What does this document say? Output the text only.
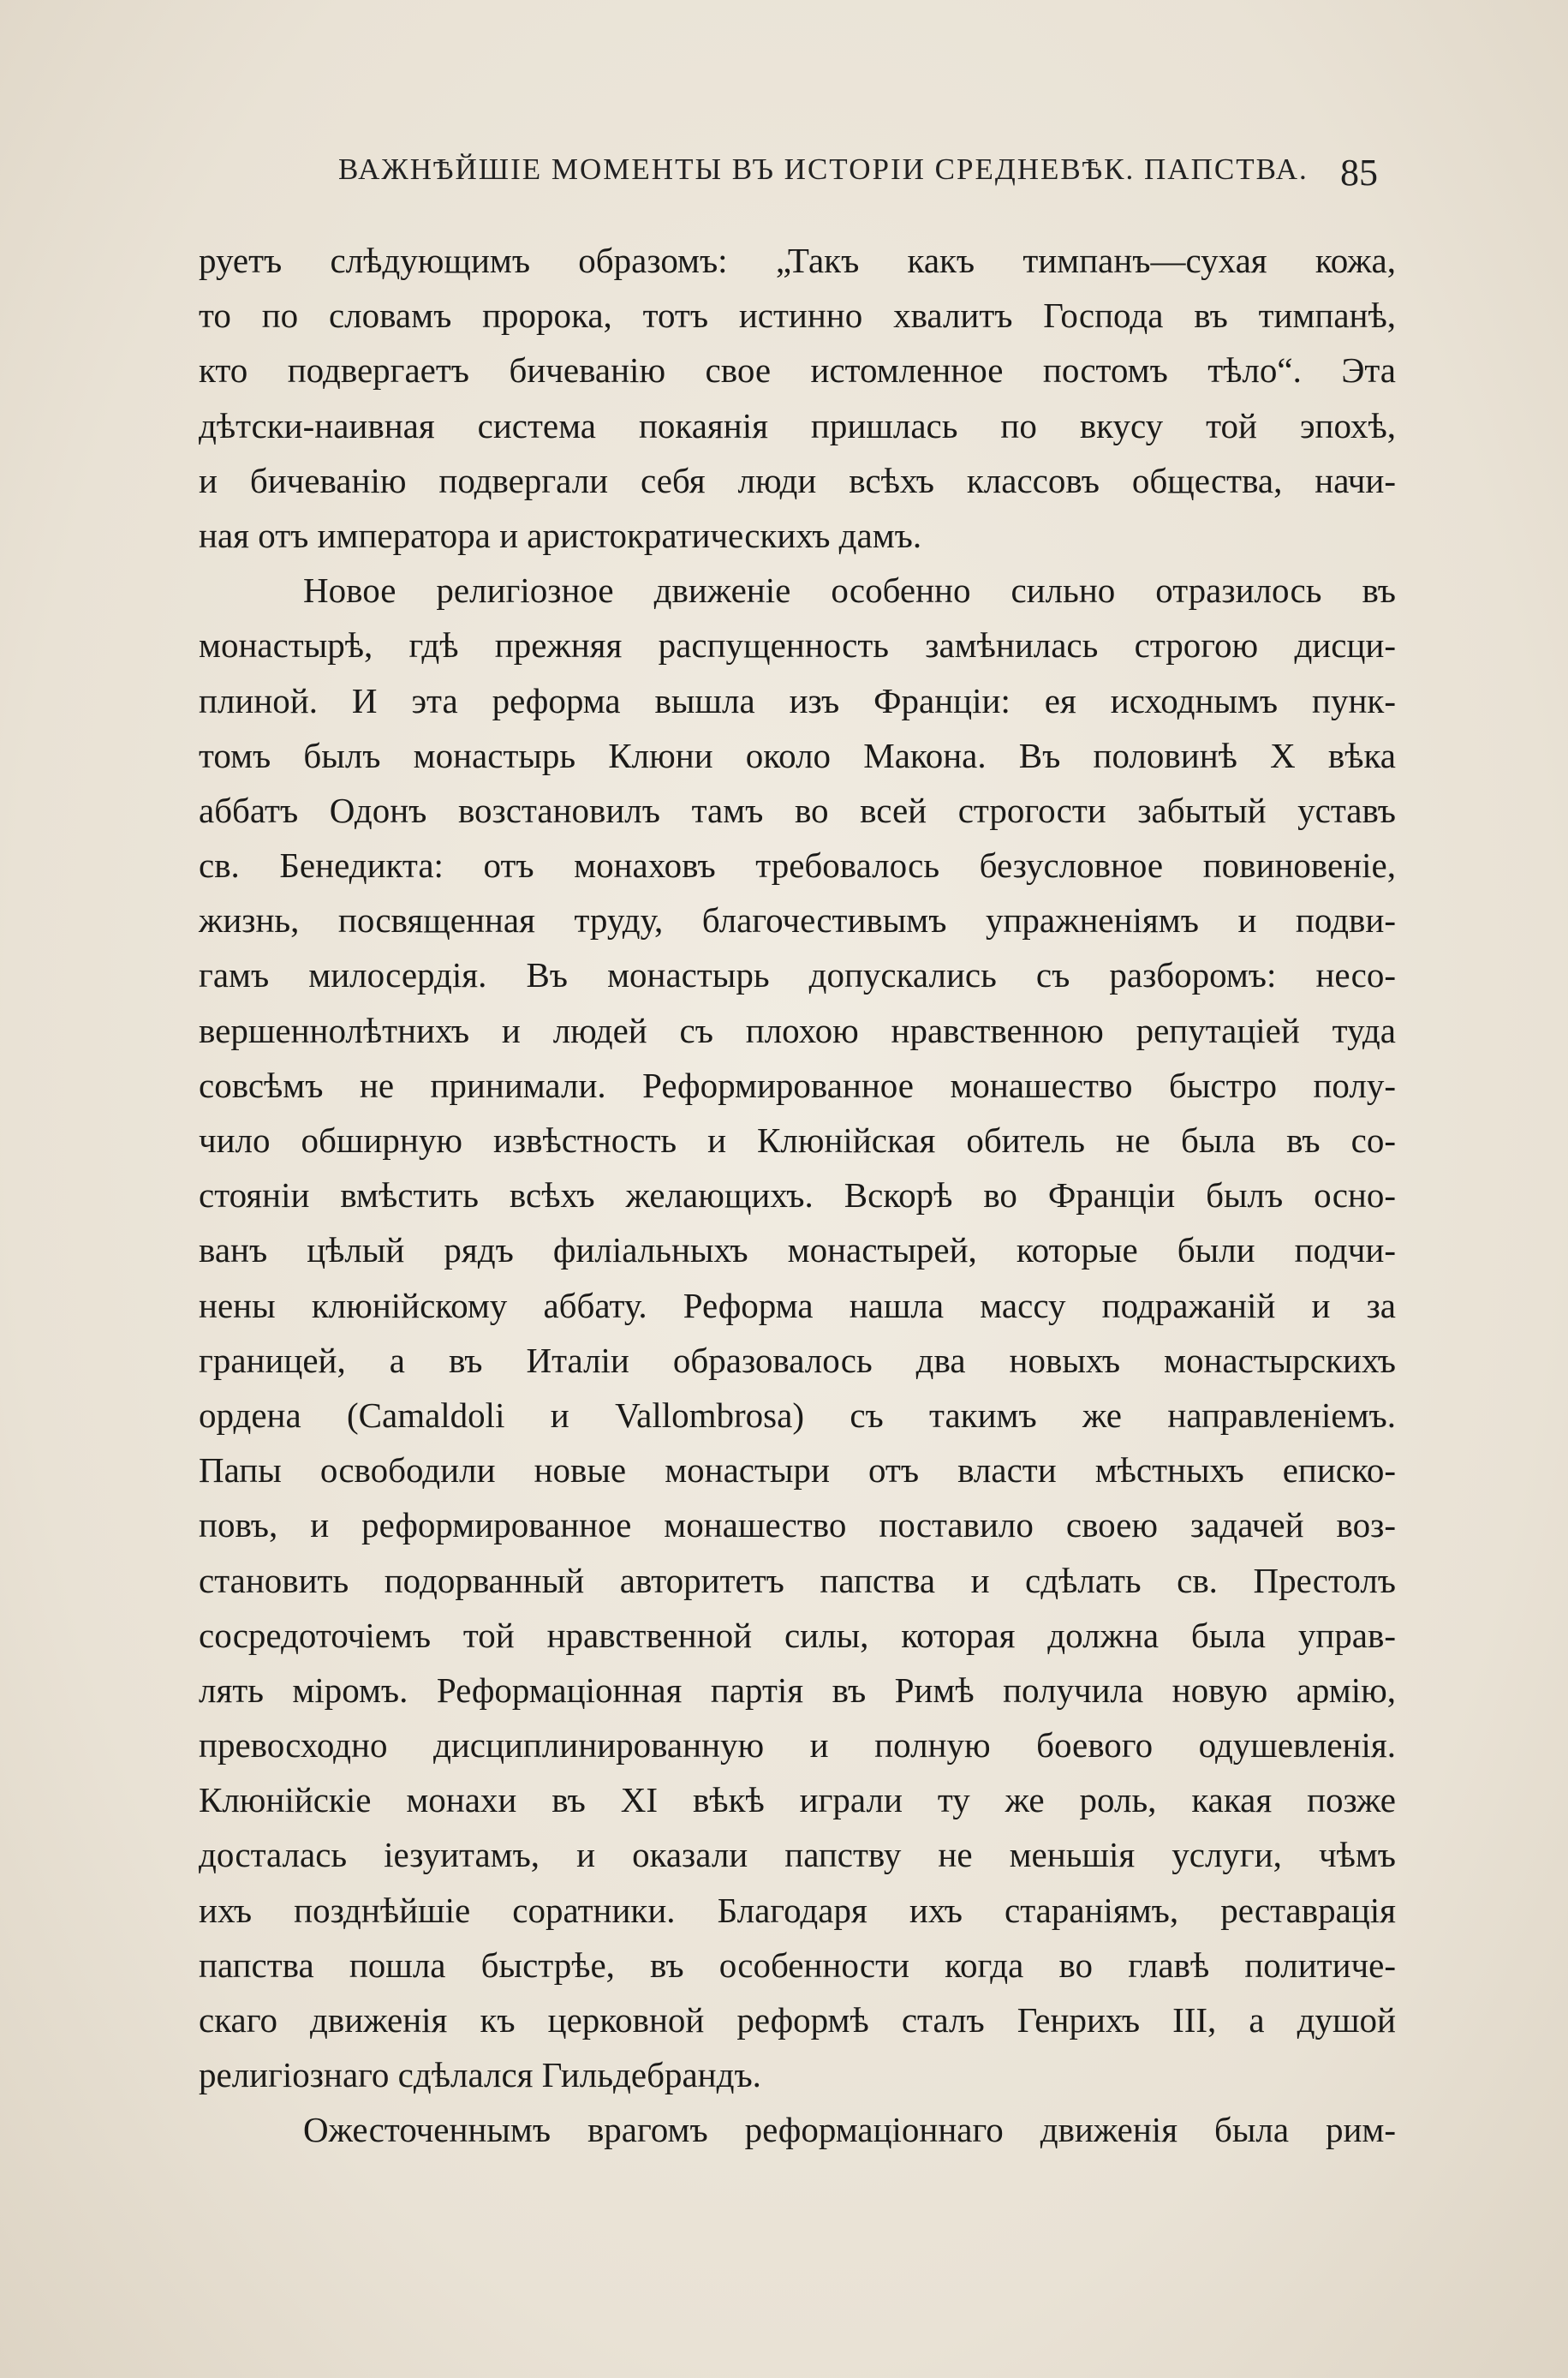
ВАЖНѢЙШІЕ МОМЕНТЫ ВЪ ИСТОРІИ СРЕДНЕВѢК. ПАПСТВА. 85
руетъ слѣдующимъ образомъ: „Такъ какъ тимпанъ—сухая кожа,
то по словамъ пророка, тотъ истинно хвалитъ Господа въ тимпанѣ,
кто подвергаетъ бичеванію свое истомленное постомъ тѣло“. Эта
дѣтски-наивная система покаянія пришлась по вкусу той эпохѣ,
и бичеванію подвергали себя люди всѣхъ классовъ общества, начи-
ная отъ императора и аристократическихъ дамъ.
Новое религіозное движеніе особенно сильно отразилось въ
монастырѣ, гдѣ прежняя распущенность замѣнилась строгою дисци-
плиной. И эта реформа вышла изъ Франціи: ея исходнымъ пунк-
томъ былъ монастырь Клюни около Макона. Въ половинѣ X вѣка
аббатъ Одонъ возстановилъ тамъ во всей строгости забытый уставъ
св. Бенедикта: отъ монаховъ требовалось безусловное повиновеніе,
жизнь, посвященная труду, благочестивымъ упражненіямъ и подви-
гамъ милосердія. Въ монастырь допускались съ разборомъ: несо-
вершеннолѣтнихъ и людей съ плохою нравственною репутаціей туда
совсѣмъ не принимали. Реформированное монашество быстро полу-
чило обширную извѣстность и Клюнійская обитель не была въ со-
стояніи вмѣстить всѣхъ желающихъ. Вскорѣ во Франціи былъ осно-
ванъ цѣлый рядъ филіальныхъ монастырей, которые были подчи-
нены клюнійскому аббату. Реформа нашла массу подражаній и за
границей, а въ Италіи образовалось два новыхъ монастырскихъ
ордена (Camaldoli и Vallombrosa) съ такимъ же направленіемъ.
Папы освободили новые монастыри отъ власти мѣстныхъ еписко-
повъ, и реформированное монашество поставило своею задачей воз-
становить подорванный авторитетъ папства и сдѣлать св. Престолъ
сосредоточіемъ той нравственной силы, которая должна была управ-
лять міромъ. Реформаціонная партія въ Римѣ получила новую армію,
превосходно дисциплинированную и полную боевого одушевленія.
Клюнійскіе монахи въ XI вѣкѣ играли ту же роль, какая позже
досталась іезуитамъ, и оказали папству не меньшія услуги, чѣмъ
ихъ позднѣйшіе соратники. Благодаря ихъ стараніямъ, реставрація
папства пошла быстрѣе, въ особенности когда во главѣ политиче-
скаго движенія къ церковной реформѣ сталъ Генрихъ III, а душой
религіознаго сдѣлался Гильдебрандъ.
Ожесточеннымъ врагомъ реформаціоннаго движенія была рим-
